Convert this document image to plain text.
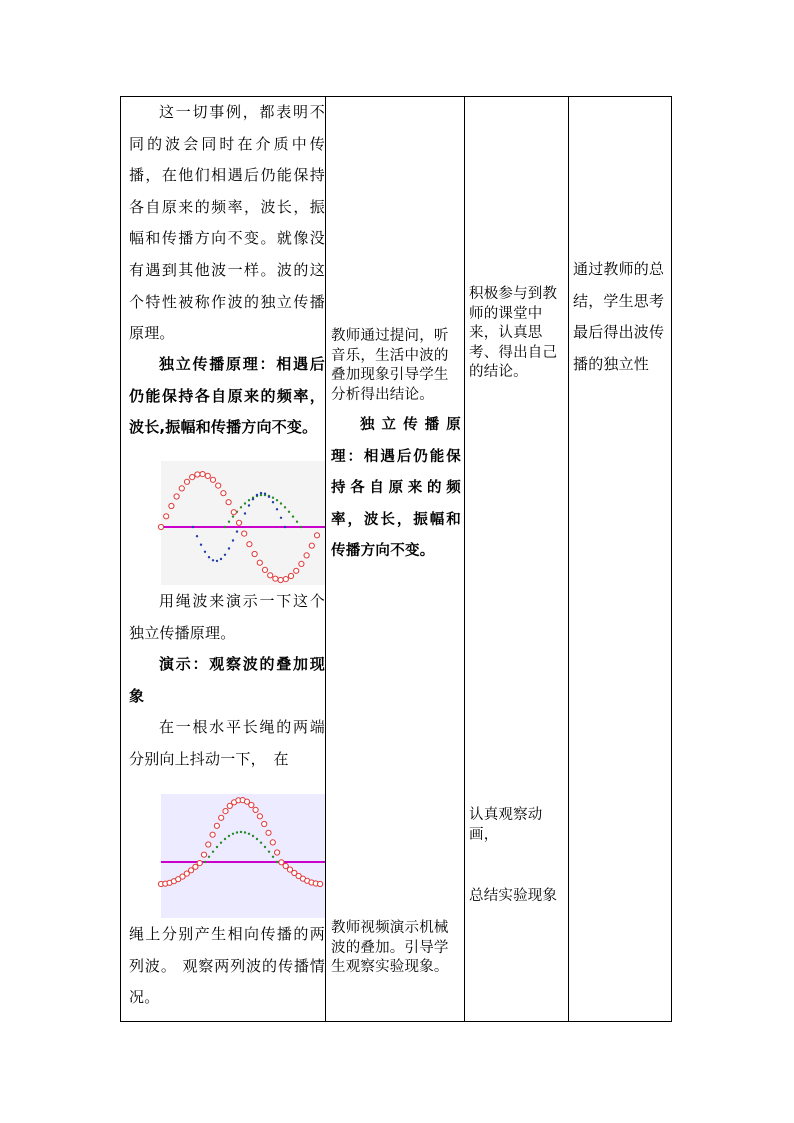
这一切事例，都表明不同的波会同时在介质中传播，在他们相遇后仍能保持各自原来的频率，波长，振幅和传播方向不变。就像没有遇到其他波一样。波的这个特性被称作波的独立传播原理。

独立传播原理：相遇后仍能保持各自原来的频率，波长,振幅和传播方向不变。

用绳波来演示一下这个独立传播原理。

演示：观察波的叠加现象

在一根水平长绳的两端分别向上抖动一下，　在

绳上分别产生相向传播的两列波。 观察两列波的传播情况。

教师通过提问，听音乐，生活中波的叠加现象引导学生分析得出结论。

独立传播原理：相遇后仍能保持各自原来的频率，波长，振幅和传播方向不变。

教师视频演示机械波的叠加。引导学生观察实验现象。

积极参与到教师的课堂中来，认真思考、得出自己的结论。

认真观察动画，

总结实验现象

通过教师的总结，学生思考最后得出波传播的独立性
